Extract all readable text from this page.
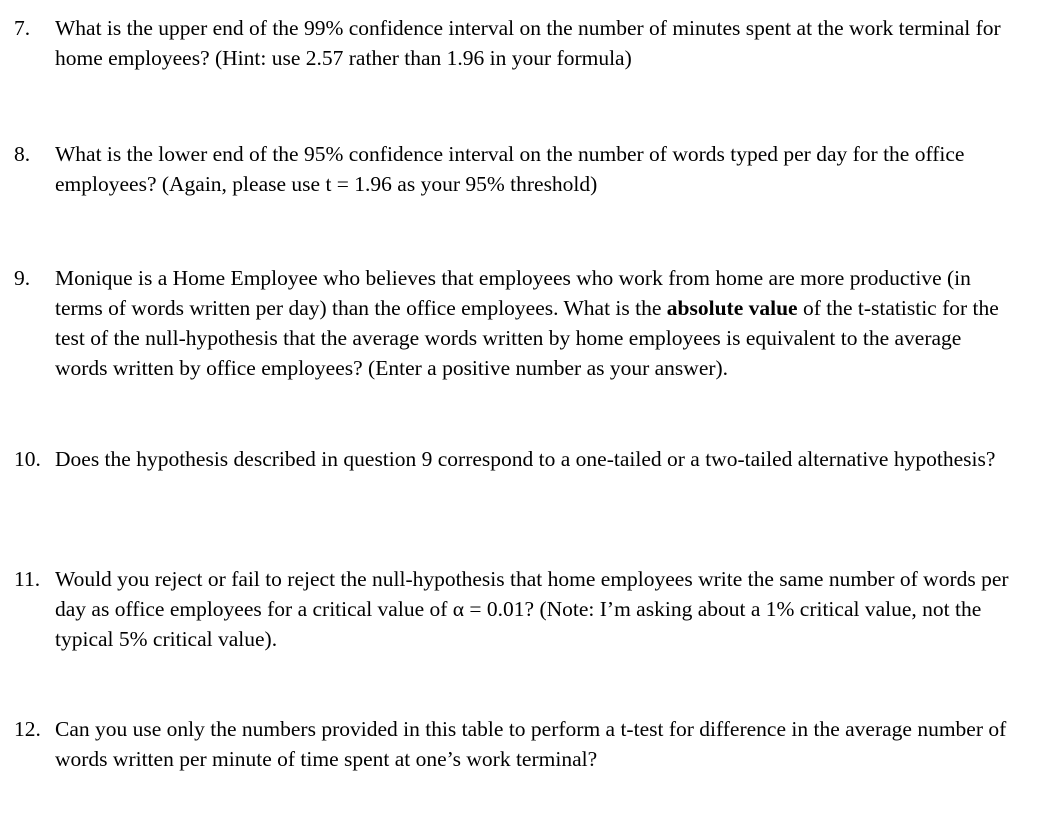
7.	What is the upper end of the 99% confidence interval on the number of minutes spent at the work terminal for home employees? (Hint: use 2.57 rather than 1.96 in your formula)
8.	What is the lower end of the 95% confidence interval on the number of words typed per day for the office employees? (Again, please use t = 1.96 as your 95% threshold)
9.	Monique is a Home Employee who believes that employees who work from home are more productive (in terms of words written per day) than the office employees. What is the absolute value of the t-statistic for the test of the null-hypothesis that the average words written by home employees is equivalent to the average words written by office employees? (Enter a positive number as your answer).
10. Does the hypothesis described in question 9 correspond to a one-tailed or a two-tailed alternative hypothesis?
11. Would you reject or fail to reject the null-hypothesis that home employees write the same number of words per day as office employees for a critical value of α = 0.01? (Note: I’m asking about a 1% critical value, not the typical 5% critical value).
12. Can you use only the numbers provided in this table to perform a t-test for difference in the average number of words written per minute of time spent at one’s work terminal?
